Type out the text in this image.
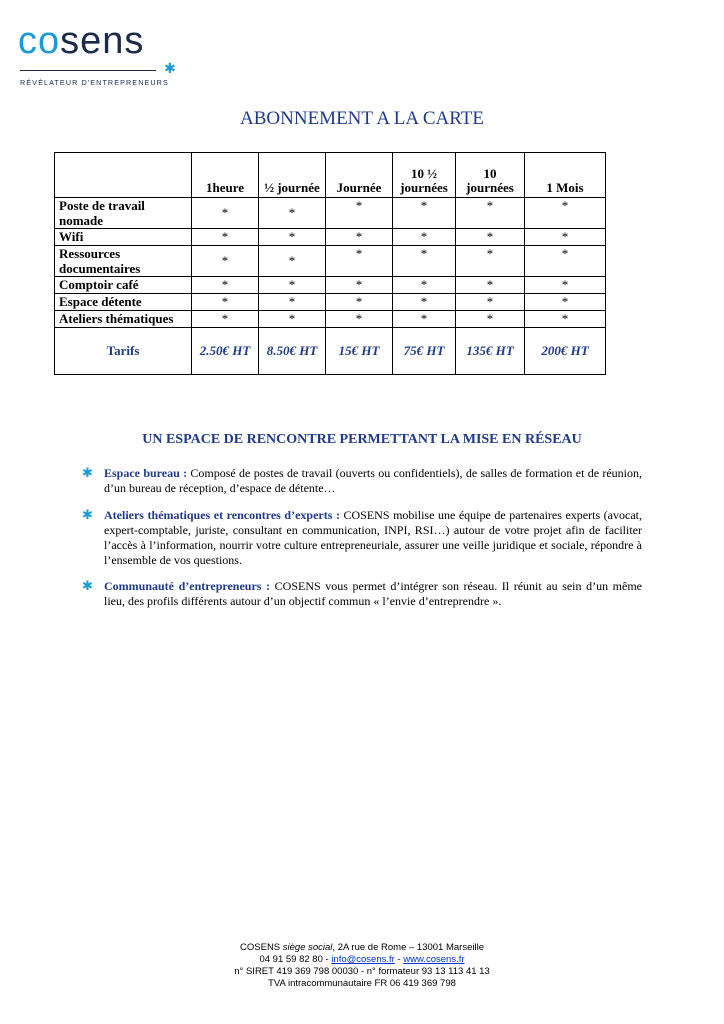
cosens
✱
RÉVÉLATEUR D'ENTREPRENEURS
ABONNEMENT A LA CARTE
	1heure	½ journée	Journée	10 ½ journées	10 journées	1 Mois
Poste de travail nomade	*	*	*	*	*	*
Wifi	*	*	*	*	*	*
Ressources documentaires	*	*	*	*	*	*
Comptoir café	*	*	*	*	*	*
Espace détente	*	*	*	*	*	*
Ateliers thématiques	*	*	*	*	*	*
Tarifs	2.50€ HT	8.50€ HT	15€ HT	75€ HT	135€ HT	200€ HT
UN ESPACE DE RENCONTRE PERMETTANT LA MISE EN RÉSEAU
✱ Espace bureau : Composé de postes de travail (ouverts ou confidentiels), de salles de formation et de réunion, d’un bureau de réception, d’espace de détente…
✱ Ateliers thématiques et rencontres d’experts : COSENS mobilise une équipe de partenaires experts (avocat, expert-comptable, juriste, consultant en communication, INPI, RSI…) autour de votre projet afin de faciliter l’accès à l’information, nourrir votre culture entrepreneuriale, assurer une veille juridique et sociale, répondre à l’ensemble de vos questions.
✱ Communauté d’entrepreneurs : COSENS vous permet d’intégrer son réseau. Il réunit au sein d’un même lieu, des profils différents autour d’un objectif commun « l’envie d’entreprendre ».
COSENS siège social, 2A rue de Rome – 13001 Marseille
04 91 59 82 80 - info@cosens.fr - www.cosens.fr
n° SIRET 419 369 798 00030 - n° formateur 93 13 113 41 13
TVA intracommunautaire FR 06 419 369 798
